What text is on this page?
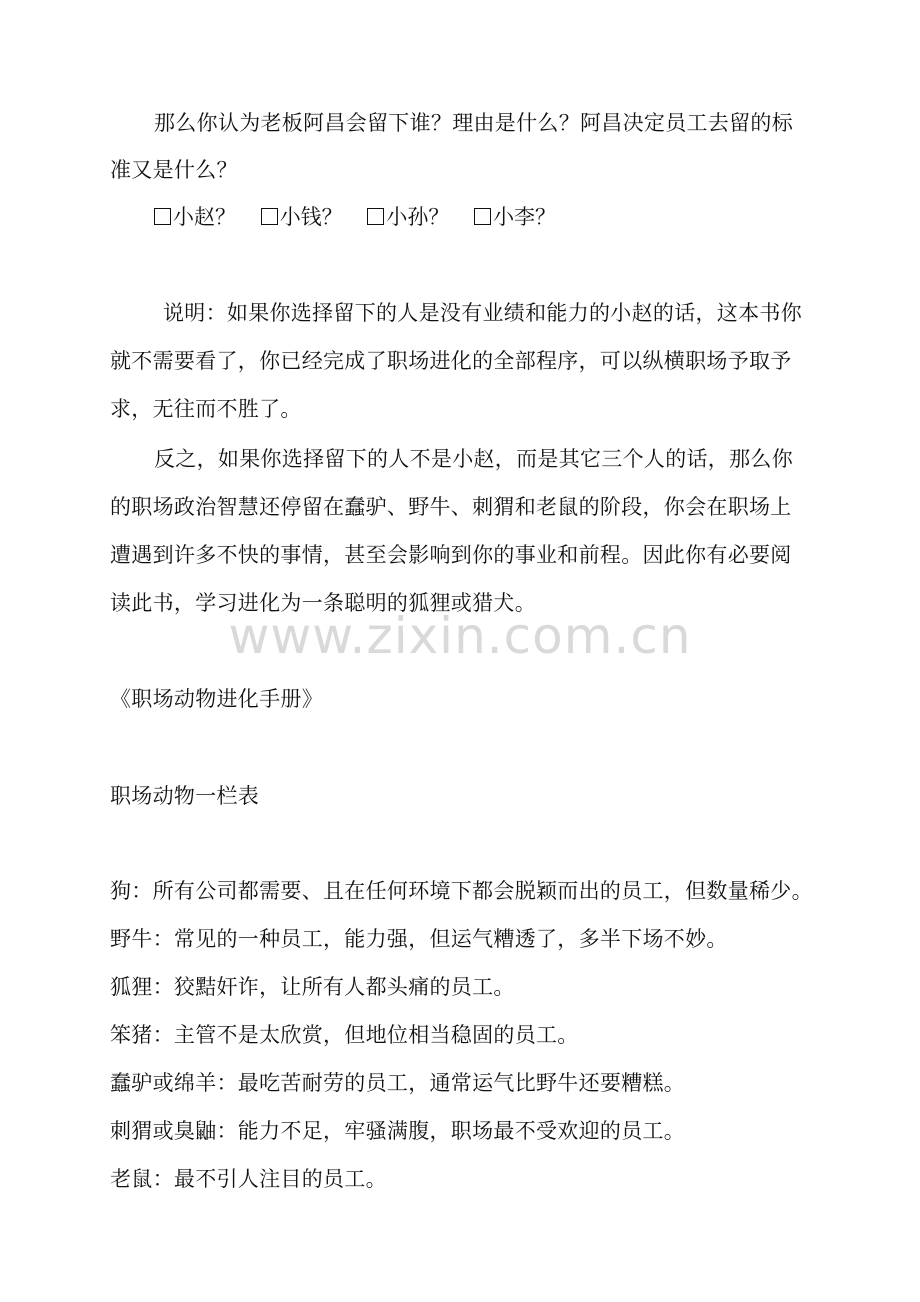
那么你认为老板阿昌会留下谁？理由是什么？阿昌决定员工去留的标
准又是什么？
小赵？ 小钱？ 小孙？ 小李？
说明：如果你选择留下的人是没有业绩和能力的小赵的话，这本书你
就不需要看了，你已经完成了职场进化的全部程序，可以纵横职场予取予
求，无往而不胜了。
反之，如果你选择留下的人不是小赵，而是其它三个人的话，那么你
的职场政治智慧还停留在蠢驴、野牛、刺猬和老鼠的阶段，你会在职场上
遭遇到许多不快的事情，甚至会影响到你的事业和前程。因此你有必要阅
读此书，学习进化为一条聪明的狐狸或猎犬。
www.zixin.com.cn
《职场动物进化手册》
职场动物一栏表
狗：所有公司都需要、且在任何环境下都会脱颖而出的员工，但数量稀少。
野牛：常见的一种员工，能力强，但运气糟透了，多半下场不妙。
狐狸：狡黠奸诈，让所有人都头痛的员工。
笨猪：主管不是太欣赏，但地位相当稳固的员工。
蠢驴或绵羊：最吃苦耐劳的员工，通常运气比野牛还要糟糕。
刺猬或臭鼬：能力不足，牢骚满腹，职场最不受欢迎的员工。
老鼠：最不引人注目的员工。
